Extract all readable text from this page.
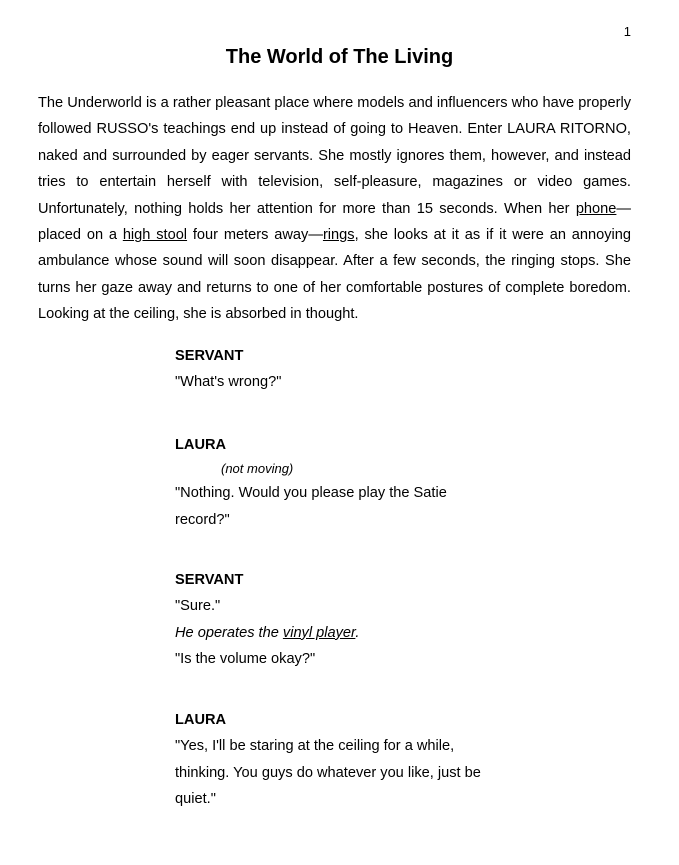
1
The World of The Living

The Underworld is a rather pleasant place where models and influencers who have properly followed RUSSO's teachings end up instead of going to Heaven. Enter LAURA RITORNO, naked and surrounded by eager servants. She mostly ignores them, however, and instead tries to entertain herself with television, self-pleasure, magazines or video games. Unfortunately, nothing holds her attention for more than 15 seconds. When her phone—placed on a high stool four meters away—rings, she looks at it as if it were an annoying ambulance whose sound will soon disappear. After a few seconds, the ringing stops. She turns her gaze away and returns to one of her comfortable postures of complete boredom. Looking at the ceiling, she is absorbed in thought.

SERVANT

"What's wrong?"

LAURA

(not moving)

"Nothing. Would you please play the Satie record?"

SERVANT

"Sure."

He operates the vinyl player.

"Is the volume okay?"

LAURA

"Yes, I'll be staring at the ceiling for a while, thinking. You guys do whatever you like, just be quiet."
